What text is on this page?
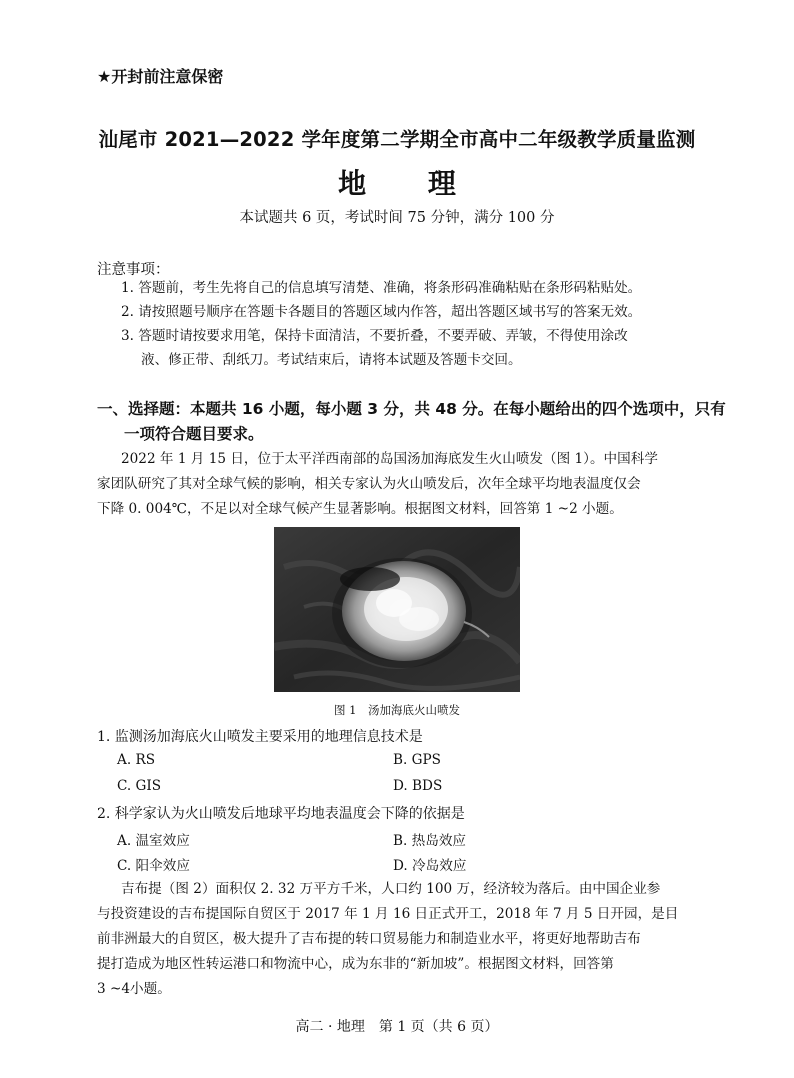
★开封前注意保密
汕尾市 2021—2022 学年度第二学期全市高中二年级教学质量监测
地 理
本试题共 6 页，考试时间 75 分钟，满分 100 分
注意事项：
1. 答题前，考生先将自己的信息填写清楚、准确，将条形码准确粘贴在条形码粘贴处。
2. 请按照题号顺序在答题卡各题目的答题区域内作答，超出答题区域书写的答案无效。
3. 答题时请按要求用笔，保持卡面清洁，不要折叠，不要弄破、弄皱，不得使用涂改
液、修正带、刮纸刀。考试结束后，请将本试题及答题卡交回。
一、选择题：本题共 16 小题，每小题 3 分，共 48 分。在每小题给出的四个选项中，只有
一项符合题目要求。
2022 年 1 月 15 日，位于太平洋西南部的岛国汤加海底发生火山喷发（图 1）。中国科学
家团队研究了其对全球气候的影响，相关专家认为火山喷发后，次年全球平均地表温度仅会
下降 0. 004℃，不足以对全球气候产生显著影响。根据图文材料，回答第 1 ~2 小题。
图 1　汤加海底火山喷发
1. 监测汤加海底火山喷发主要采用的地理信息技术是
A. RS	B. GPS
C. GIS	D. BDS
2. 科学家认为火山喷发后地球平均地表温度会下降的依据是
A. 温室效应	B. 热岛效应
C. 阳伞效应	D. 冷岛效应
吉布提（图 2）面积仅 2. 32 万平方千米，人口约 100 万，经济较为落后。由中国企业参
与投资建设的吉布提国际自贸区于 2017 年 1 月 16 日正式开工，2018 年 7 月 5 日开园，是目
前非洲最大的自贸区，极大提升了吉布提的转口贸易能力和制造业水平，将更好地帮助吉布
提打造成为地区性转运港口和物流中心，成为东非的“新加坡”。根据图文材料，回答第
3 ~4小题。
高二 · 地理　第 1 页（共 6 页）
